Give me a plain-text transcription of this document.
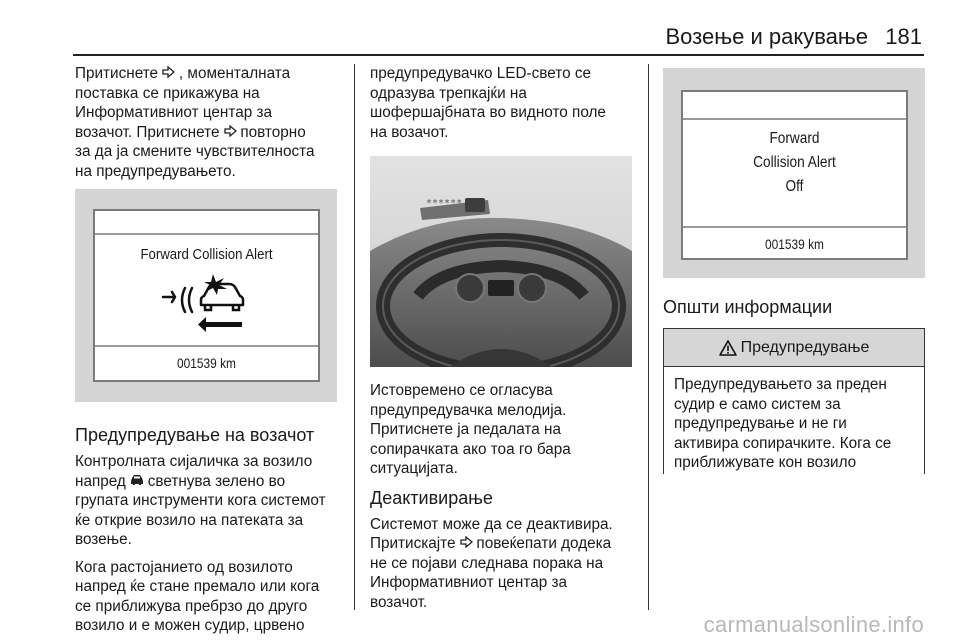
Возење и ракување 181
Притиснете  , моменталната
поставка се прикажува на
Информативниот центар за
возачот. Притиснете  повторно
за да ја смените чувствителноста
на предупредувањето.
Forward Collision Alert
001539 km
Предупредување на возачот
Контролната сијаличка за возило
напред  светнува зелено во
групата инструменти кога системот
ќе открие возило на патеката за
возење.
Кога растојанието од возилото
напред ќе стане премало или кога
се приближува пребрзо до друго
возило и е можен судир, црвено
предупредувачко LED-свето се
одразува трепкајќи на
шофершајбната во видното поле
на возачот.
******
Истовремено се огласува
предупредувачка мелодија.
Притиснете ја педалата на
сопирачката ако тоа го бара
ситуацијата.
Деактивирање
Системот може да се деактивира.
Притискајте  повеќепати додека
не се појави следнава порака на
Информативниот центар за
возачот.
Forward
Collision Alert
Off
001539 km
Општи информации
Предупредување
Предупредувањето за преден
судир е само систем за
предупредување и не ги
активира сопирачките. Кога се
приближувате кон возило
carmanualsonline.info
